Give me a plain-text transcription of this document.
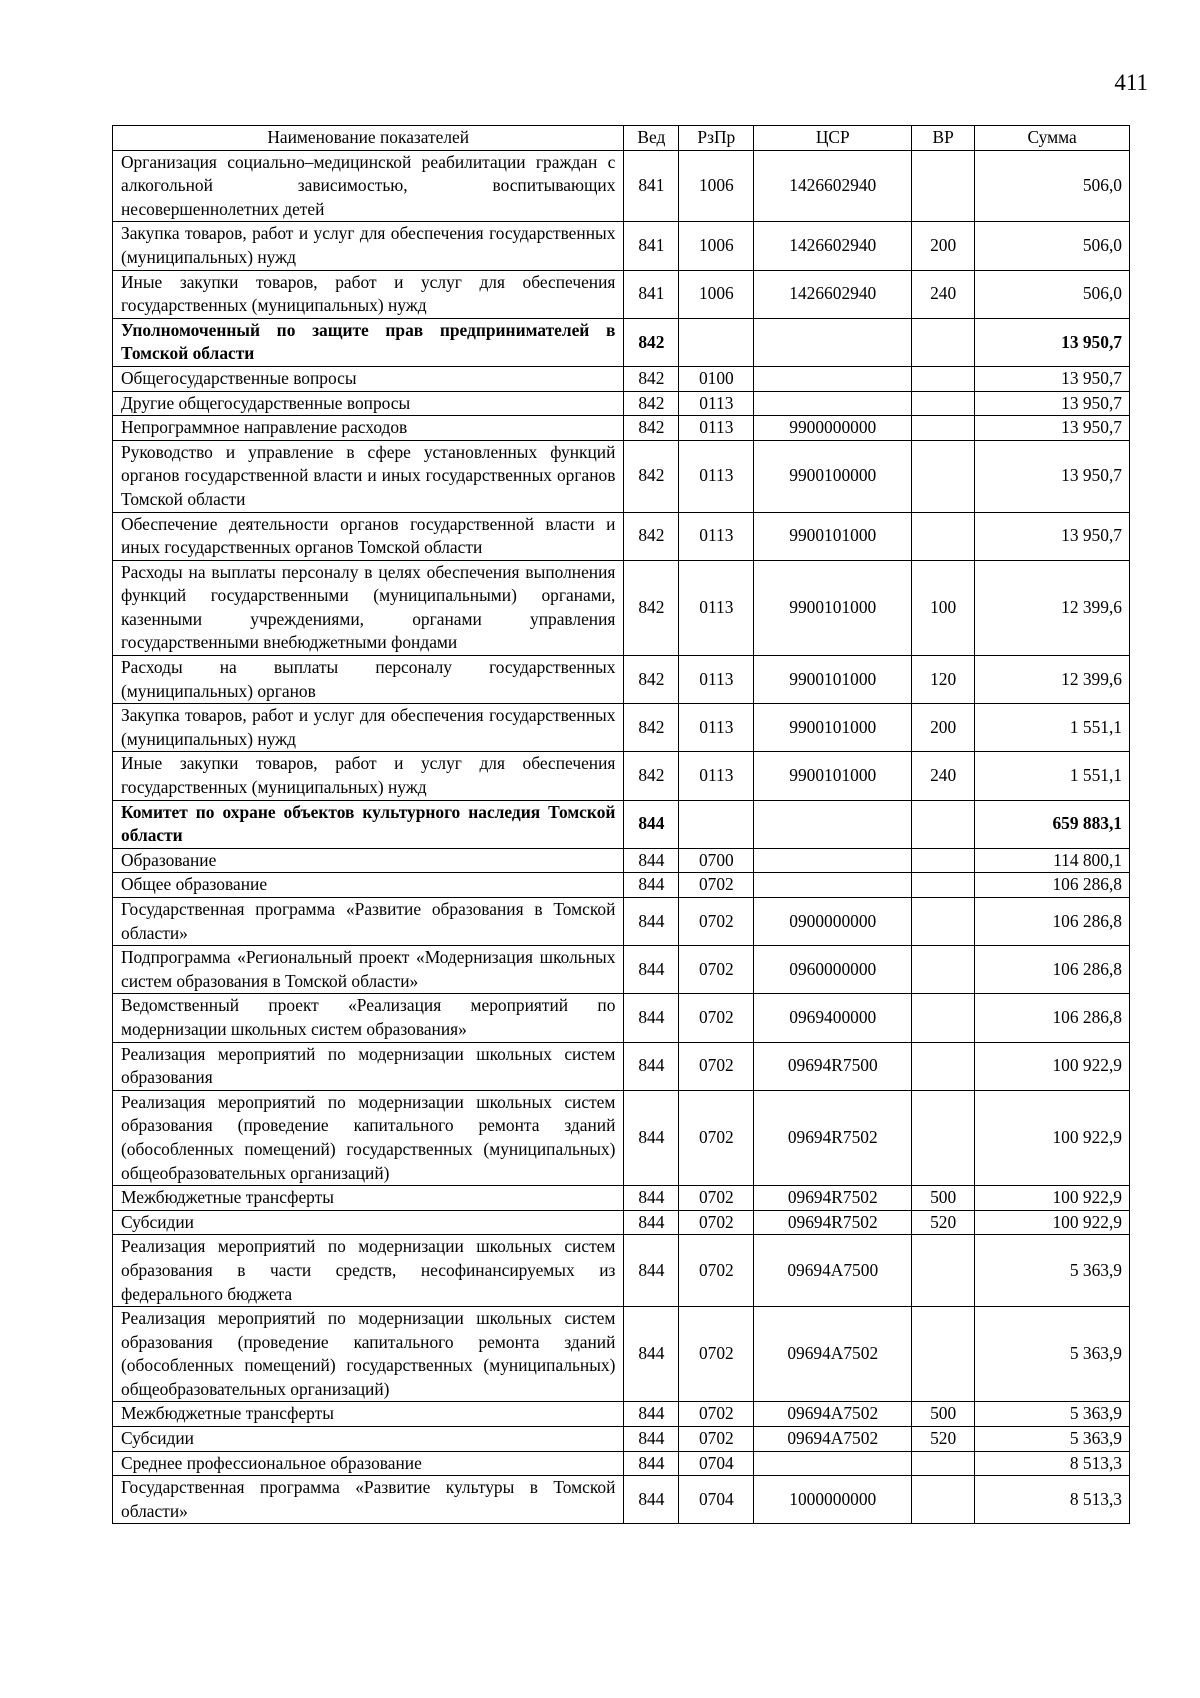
411
Наименование показателей	Вед	РзПр	ЦСР	ВР	Сумма
Организация социально–медицинской реабилитации граждан с алкогольной зависимостью, воспитывающих несовершеннолетних детей	841	1006	1426602940		506,0
Закупка товаров, работ и услуг для обеспечения государственных (муниципальных) нужд	841	1006	1426602940	200	506,0
Иные закупки товаров, работ и услуг для обеспечения государственных (муниципальных) нужд	841	1006	1426602940	240	506,0
Уполномоченный по защите прав предпринимателей в Томской области	842				13 950,7
Общегосударственные вопросы	842	0100			13 950,7
Другие общегосударственные вопросы	842	0113			13 950,7
Непрограммное направление расходов	842	0113	9900000000		13 950,7
Руководство и управление в сфере установленных функций органов государственной власти и иных государственных органов Томской области	842	0113	9900100000		13 950,7
Обеспечение деятельности органов государственной власти и иных государственных органов Томской области	842	0113	9900101000		13 950,7
Расходы на выплаты персоналу в целях обеспечения выполнения функций государственными (муниципальными) органами, казенными учреждениями, органами управления государственными внебюджетными фондами	842	0113	9900101000	100	12 399,6
Расходы на выплаты персоналу государственных (муниципальных) органов	842	0113	9900101000	120	12 399,6
Закупка товаров, работ и услуг для обеспечения государственных (муниципальных) нужд	842	0113	9900101000	200	1 551,1
Иные закупки товаров, работ и услуг для обеспечения государственных (муниципальных) нужд	842	0113	9900101000	240	1 551,1
Комитет по охране объектов культурного наследия Томской области	844				659 883,1
Образование	844	0700			114 800,1
Общее образование	844	0702			106 286,8
Государственная программа «Развитие образования в Томской области»	844	0702	0900000000		106 286,8
Подпрограмма «Региональный проект «Модернизация школьных систем образования в Томской области»	844	0702	0960000000		106 286,8
Ведомственный проект «Реализация мероприятий по модернизации школьных систем образования»	844	0702	0969400000		106 286,8
Реализация мероприятий по модернизации школьных систем образования	844	0702	09694R7500		100 922,9
Реализация мероприятий по модернизации школьных систем образования (проведение капитального ремонта зданий (обособленных помещений) государственных (муниципальных) общеобразовательных организаций)	844	0702	09694R7502		100 922,9
Межбюджетные трансферты	844	0702	09694R7502	500	100 922,9
Субсидии	844	0702	09694R7502	520	100 922,9
Реализация мероприятий по модернизации школьных систем образования в части средств, несофинансируемых из федерального бюджета	844	0702	09694A7500		5 363,9
Реализация мероприятий по модернизации школьных систем образования (проведение капитального ремонта зданий (обособленных помещений) государственных (муниципальных) общеобразовательных организаций)	844	0702	09694A7502		5 363,9
Межбюджетные трансферты	844	0702	09694A7502	500	5 363,9
Субсидии	844	0702	09694A7502	520	5 363,9
Среднее профессиональное образование	844	0704			8 513,3
Государственная программа «Развитие культуры в Томской области»	844	0704	1000000000		8 513,3
